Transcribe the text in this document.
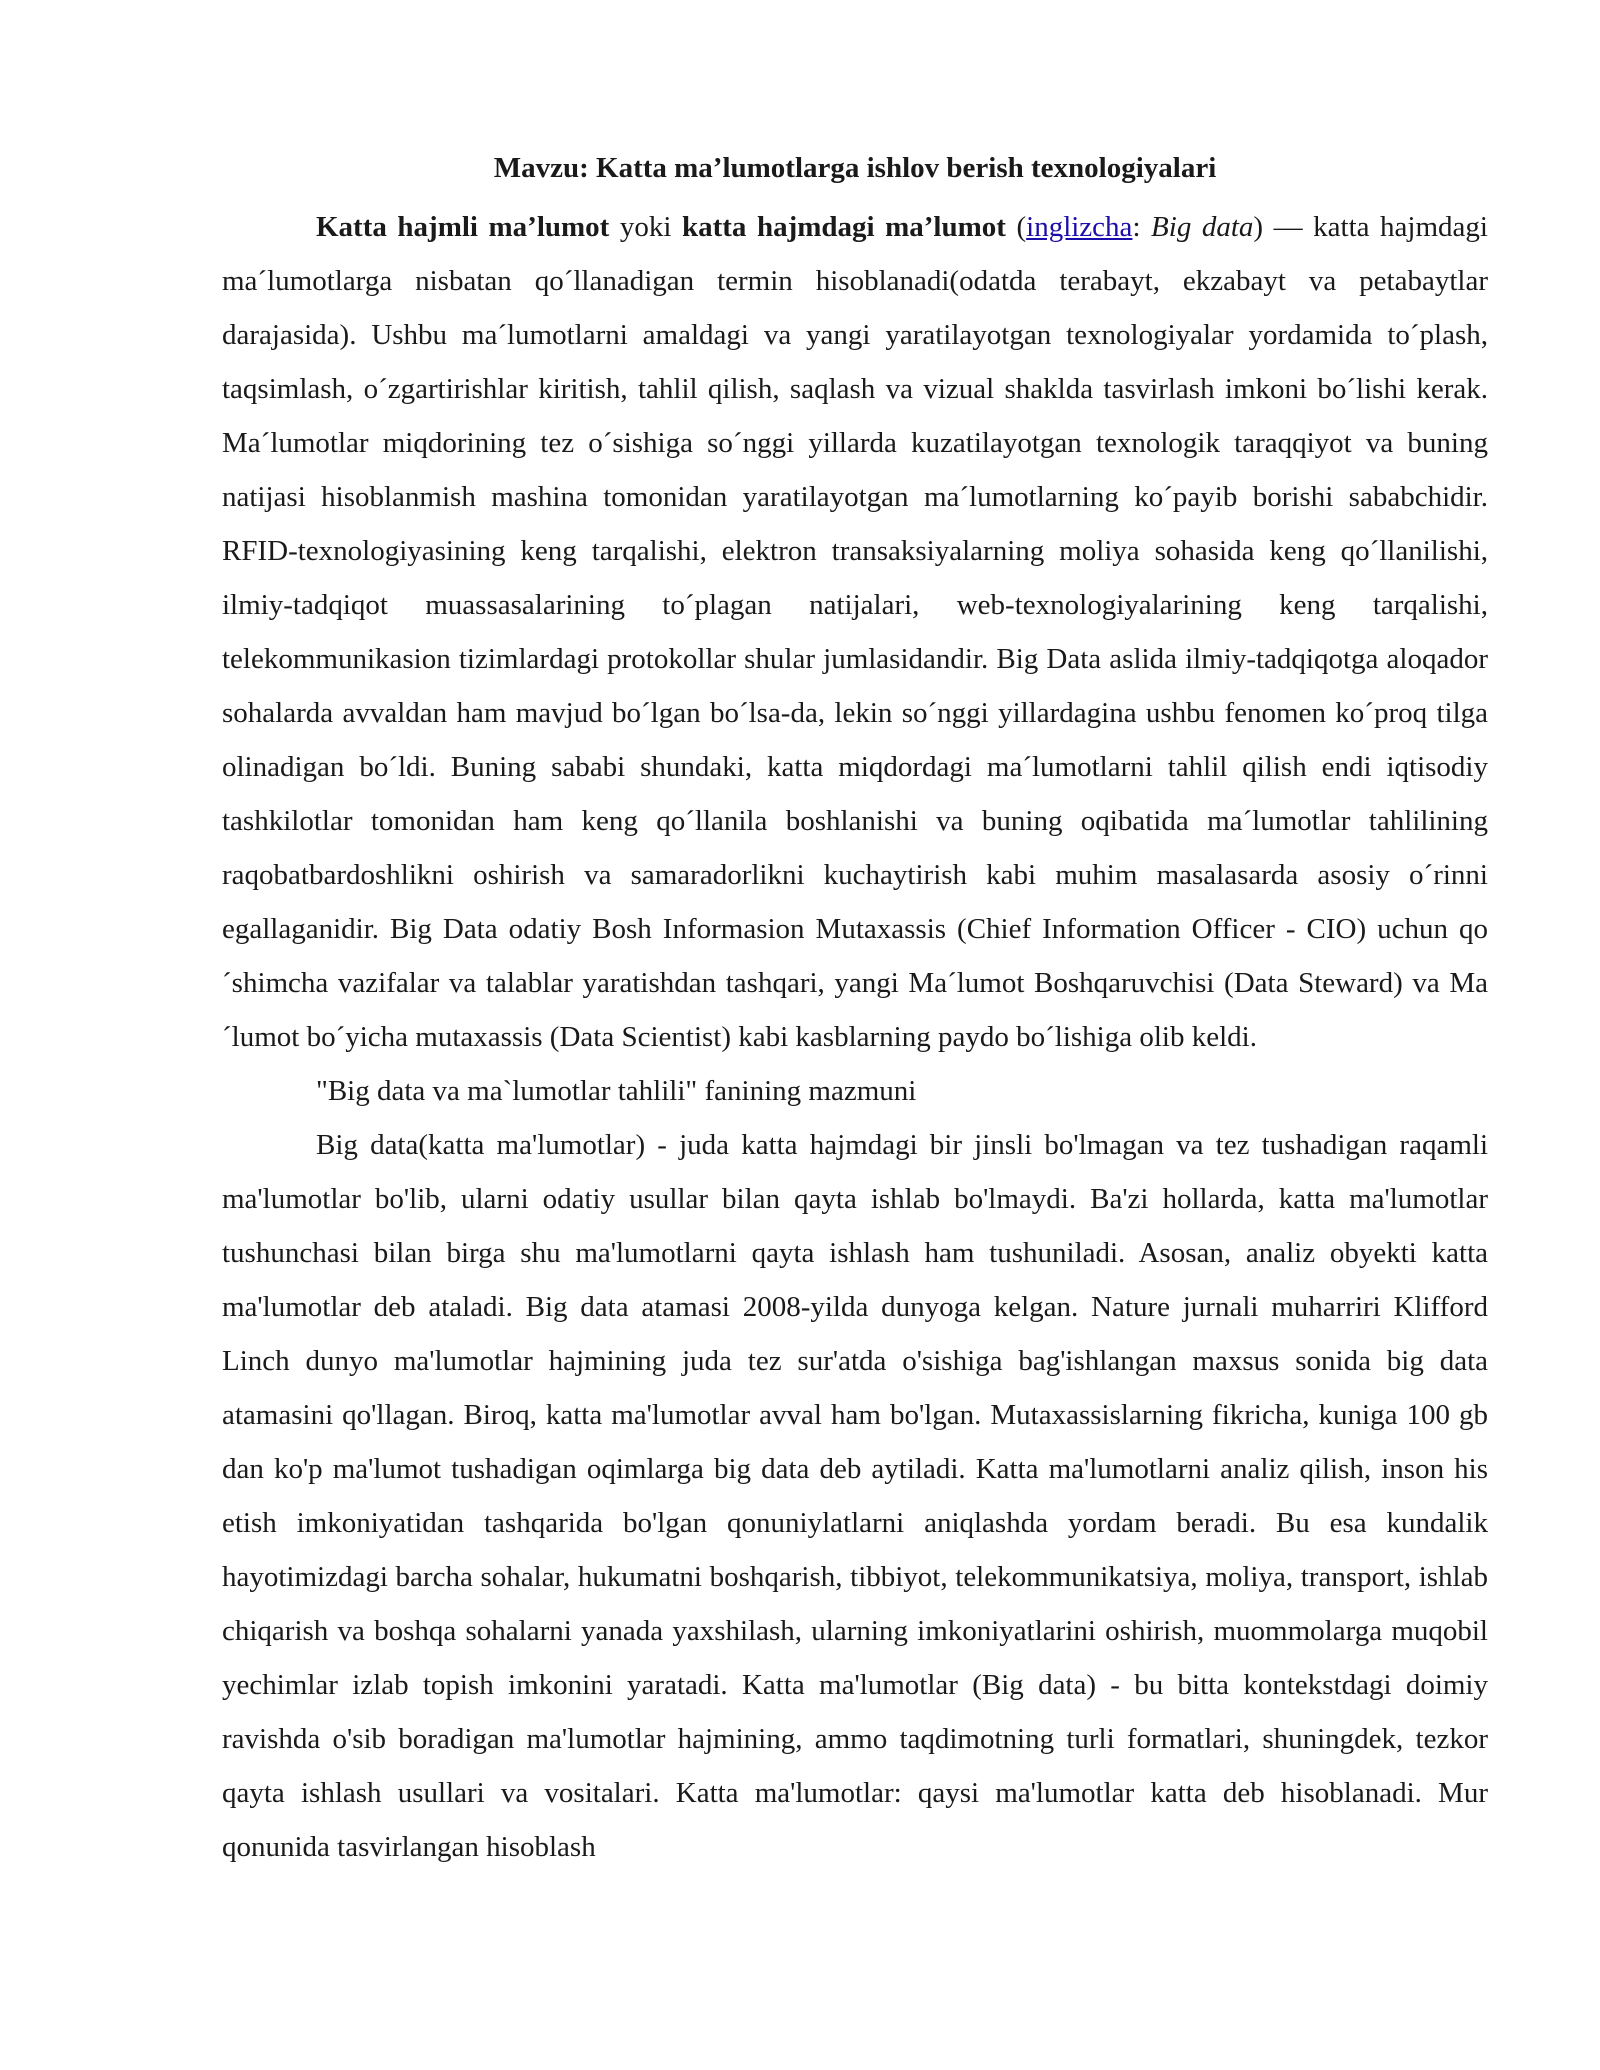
Mavzu: Katta ma’lumotlarga ishlov berish texnologiyalari

Katta hajmli ma’lumot yoki katta hajmdagi ma’lumot (inglizcha: Big data) — katta hajmdagi ma´lumotlarga nisbatan qo´llanadigan termin hisoblanadi(odatda terabayt, ekzabayt va petabaytlar darajasida). Ushbu ma´lumotlarni amaldagi va yangi yaratilayotgan texnologiyalar yordamida to´plash, taqsimlash, o´zgartirishlar kiritish, tahlil qilish, saqlash va vizual shaklda tasvirlash imkoni bo´lishi kerak. Ma´lumotlar miqdorining tez o´sishiga so´nggi yillarda kuzatilayotgan texnologik taraqqiyot va buning natijasi hisoblanmish mashina tomonidan yaratilayotgan ma´lumotlarning ko´payib borishi sababchidir. RFID-texnologiyasining keng tarqalishi, elektron transaksiyalarning moliya sohasida keng qo´llanilishi, ilmiy-tadqiqot muassasalarining to´plagan natijalari, web-texnologiyalarining keng tarqalishi, telekommunikasion tizimlardagi protokollar shular jumlasidandir. Big Data aslida ilmiy-tadqiqotga aloqador sohalarda avvaldan ham mavjud bo´lgan bo´lsa-da, lekin so´nggi yillardagina ushbu fenomen ko´proq tilga olinadigan bo´ldi. Buning sababi shundaki, katta miqdordagi ma´lumotlarni tahlil qilish endi iqtisodiy tashkilotlar tomonidan ham keng qo´llanila boshlanishi va buning oqibatida ma´lumotlar tahlilining raqobatbardoshlikni oshirish va samaradorlikni kuchaytirish kabi muhim masalasarda asosiy o´rinni egallaganidir. Big Data odatiy Bosh Informasion Mutaxassis (Chief Information Officer - CIO) uchun qo´shimcha vazifalar va talablar yaratishdan tashqari, yangi Ma´lumot Boshqaruvchisi (Data Steward) va Ma´lumot bo´yicha mutaxassis (Data Scientist) kabi kasblarning paydo bo´lishiga olib keldi.

"Big data va ma`lumotlar tahlili" fanining mazmuni

Big data(katta ma'lumotlar) - juda katta hajmdagi bir jinsli bo'lmagan va tez tushadigan raqamli ma'lumotlar bo'lib, ularni odatiy usullar bilan qayta ishlab bo'lmaydi. Ba'zi hollarda, katta ma'lumotlar tushunchasi bilan birga shu ma'lumotlarni qayta ishlash ham tushuniladi. Asosan, analiz obyekti katta ma'lumotlar deb ataladi. Big data atamasi 2008-yilda dunyoga kelgan. Nature jurnali muharriri Klifford Linch dunyo ma'lumotlar hajmining juda tez sur'atda o'sishiga bag'ishlangan maxsus sonida big data atamasini qo'llagan. Biroq, katta ma'lumotlar avval ham bo'lgan. Mutaxassislarning fikricha, kuniga 100 gb dan ko'p ma'lumot tushadigan oqimlarga big data deb aytiladi. Katta ma'lumotlarni analiz qilish, inson his etish imkoniyatidan tashqarida bo'lgan qonuniylatlarni aniqlashda yordam beradi. Bu esa kundalik hayotimizdagi barcha sohalar, hukumatni boshqarish, tibbiyot, telekommunikatsiya, moliya, transport, ishlab chiqarish va boshqa sohalarni yanada yaxshilash, ularning imkoniyatlarini oshirish, muommolarga muqobil yechimlar izlab topish imkonini yaratadi. Katta ma'lumotlar (Big data) - bu bitta kontekstdagi doimiy ravishda o'sib boradigan ma'lumotlar hajmining, ammo taqdimotning turli formatlari, shuningdek, tezkor qayta ishlash usullari va vositalari. Katta ma'lumotlar: qaysi ma'lumotlar katta deb hisoblanadi. Mur qonunida tasvirlangan hisoblash
